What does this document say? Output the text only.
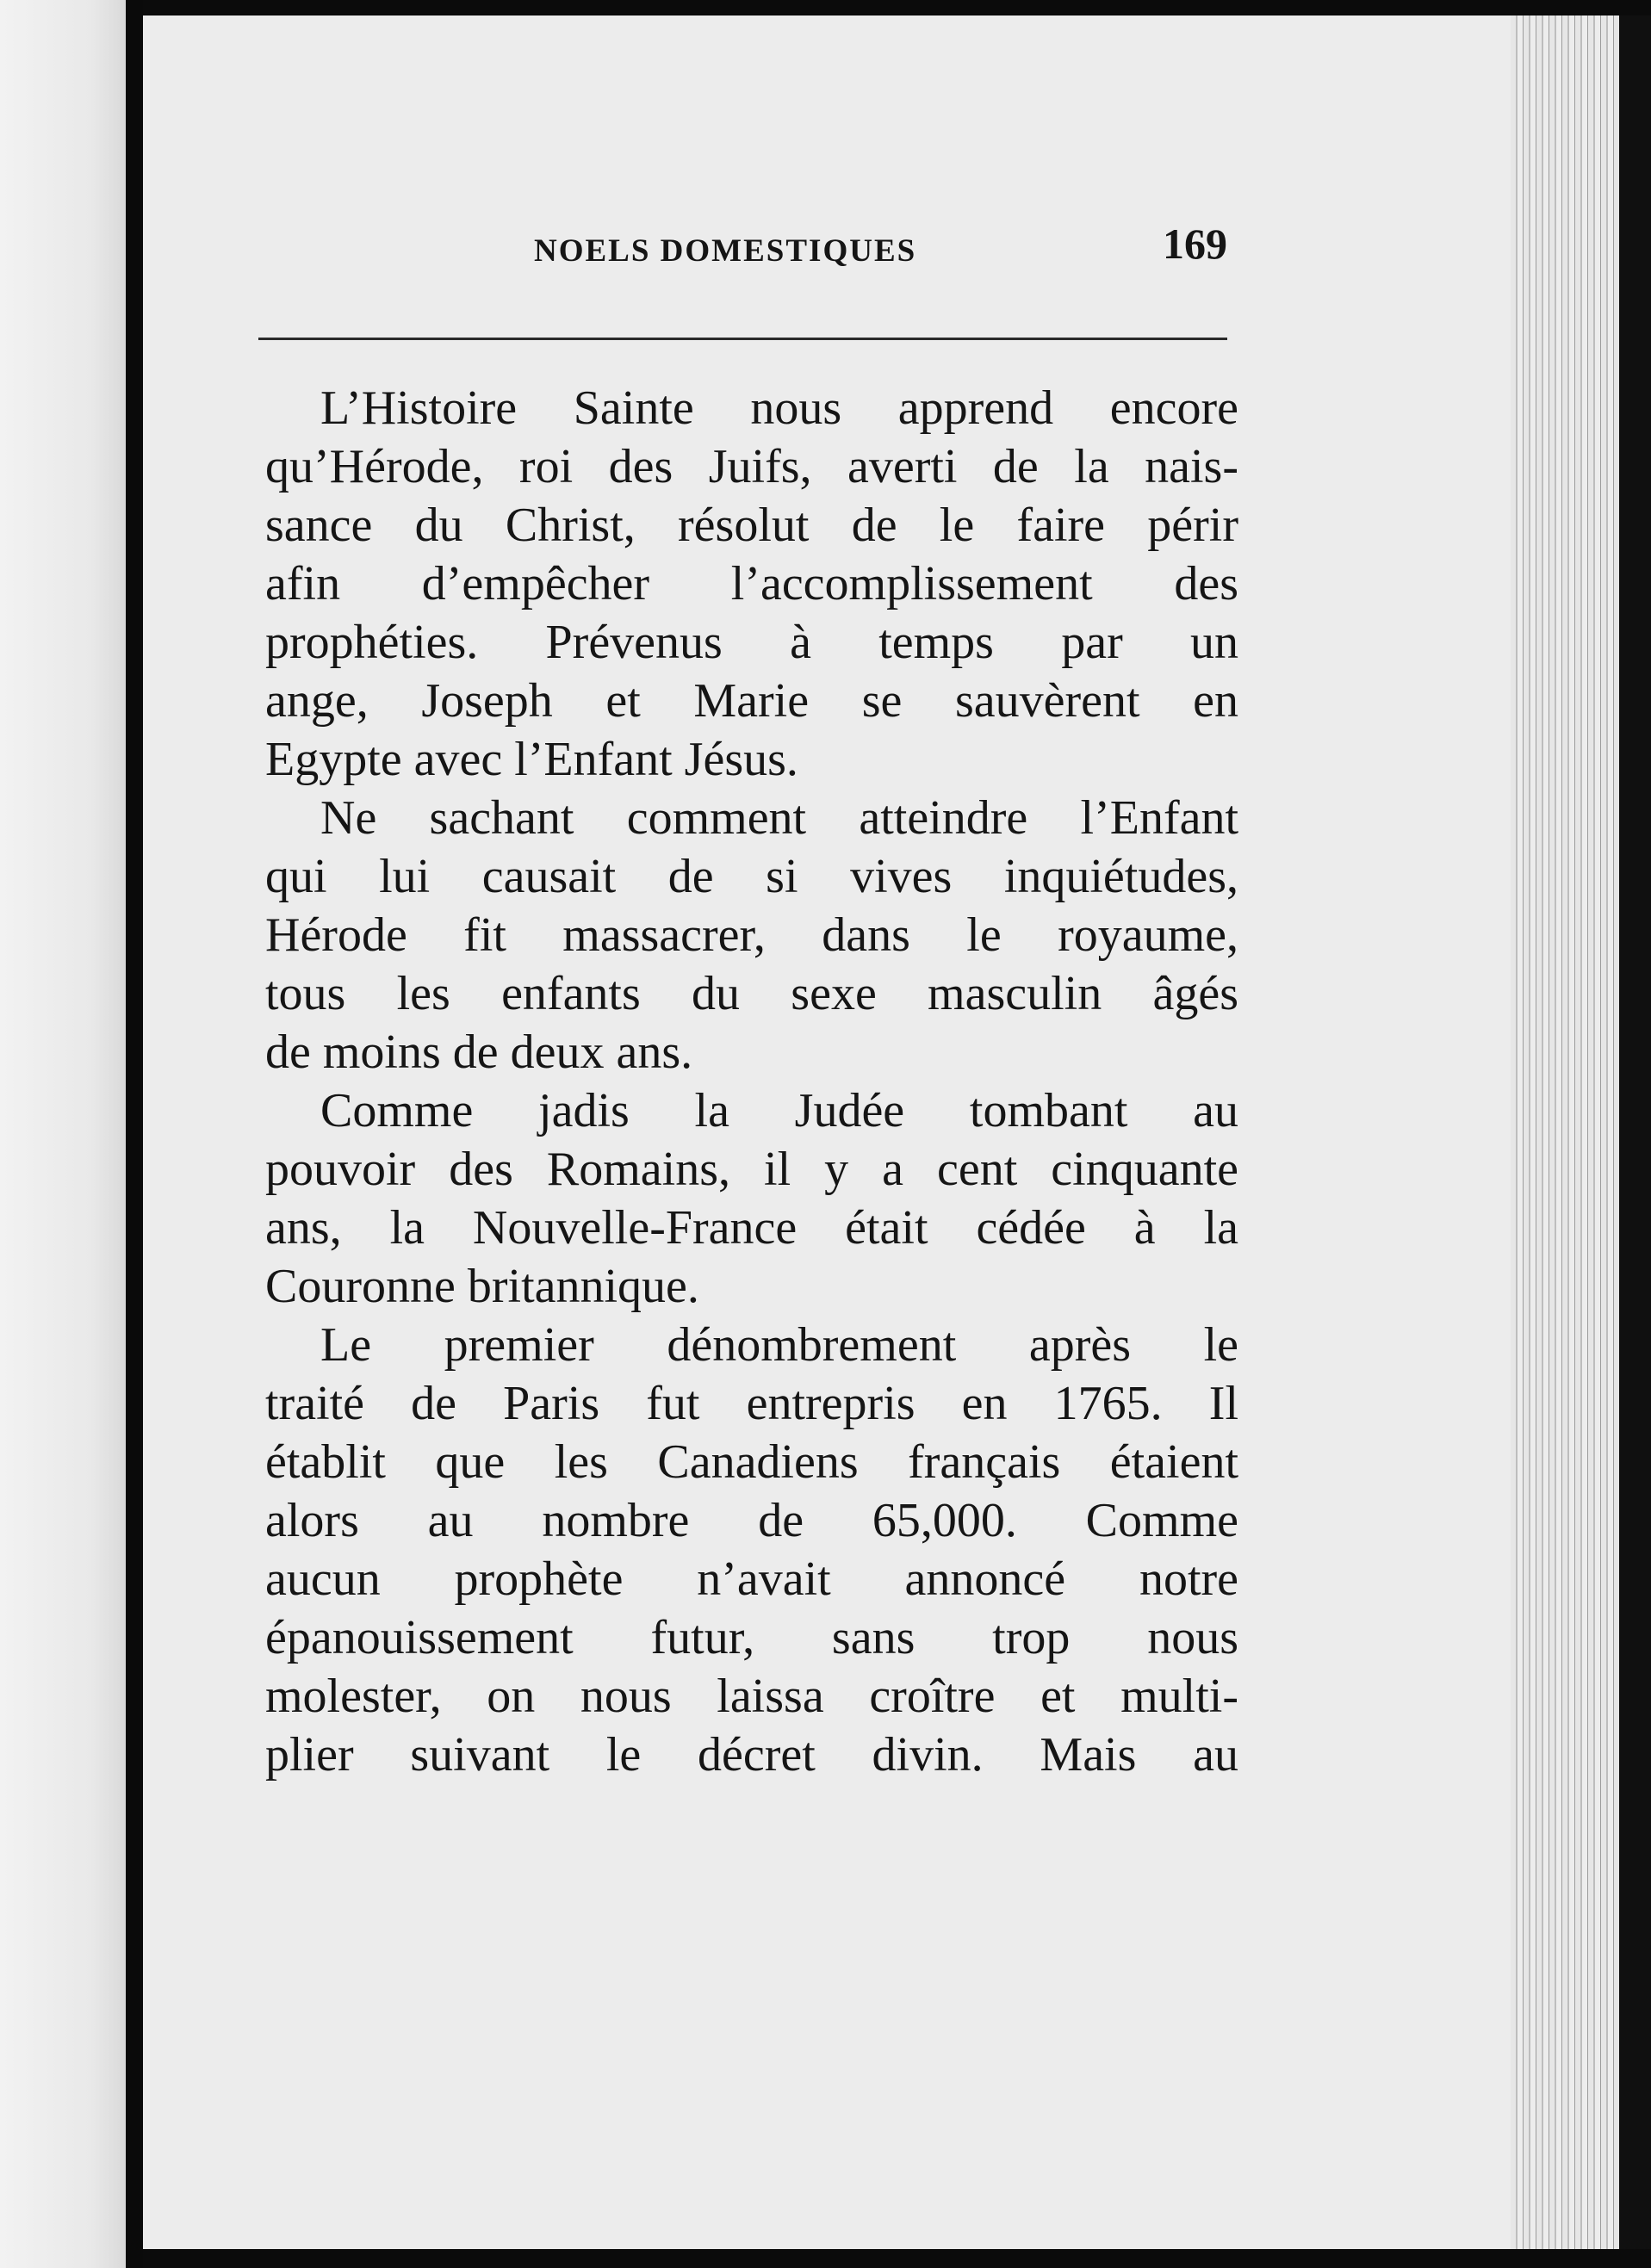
NOELS DOMESTIQUES	169
L’Histoire Sainte nous apprend encore
qu’Hérode, roi des Juifs, averti de la nais-
sance du Christ, résolut de le faire périr
afin d’empêcher l’accomplissement des
prophéties. Prévenus à temps par un
ange, Joseph et Marie se sauvèrent en
Egypte avec l’Enfant Jésus.
Ne sachant comment atteindre l’Enfant
qui lui causait de si vives inquiétudes,
Hérode fit massacrer, dans le royaume,
tous les enfants du sexe masculin âgés
de moins de deux ans.
Comme jadis la Judée tombant au
pouvoir des Romains, il y a cent cinquante
ans, la Nouvelle-France était cédée à la
Couronne britannique.
Le premier dénombrement après le
traité de Paris fut entrepris en 1765. Il
établit que les Canadiens français étaient
alors au nombre de 65,000. Comme
aucun prophète n’avait annoncé notre
épanouissement futur, sans trop nous
molester, on nous laissa croître et multi-
plier suivant le décret divin. Mais au
